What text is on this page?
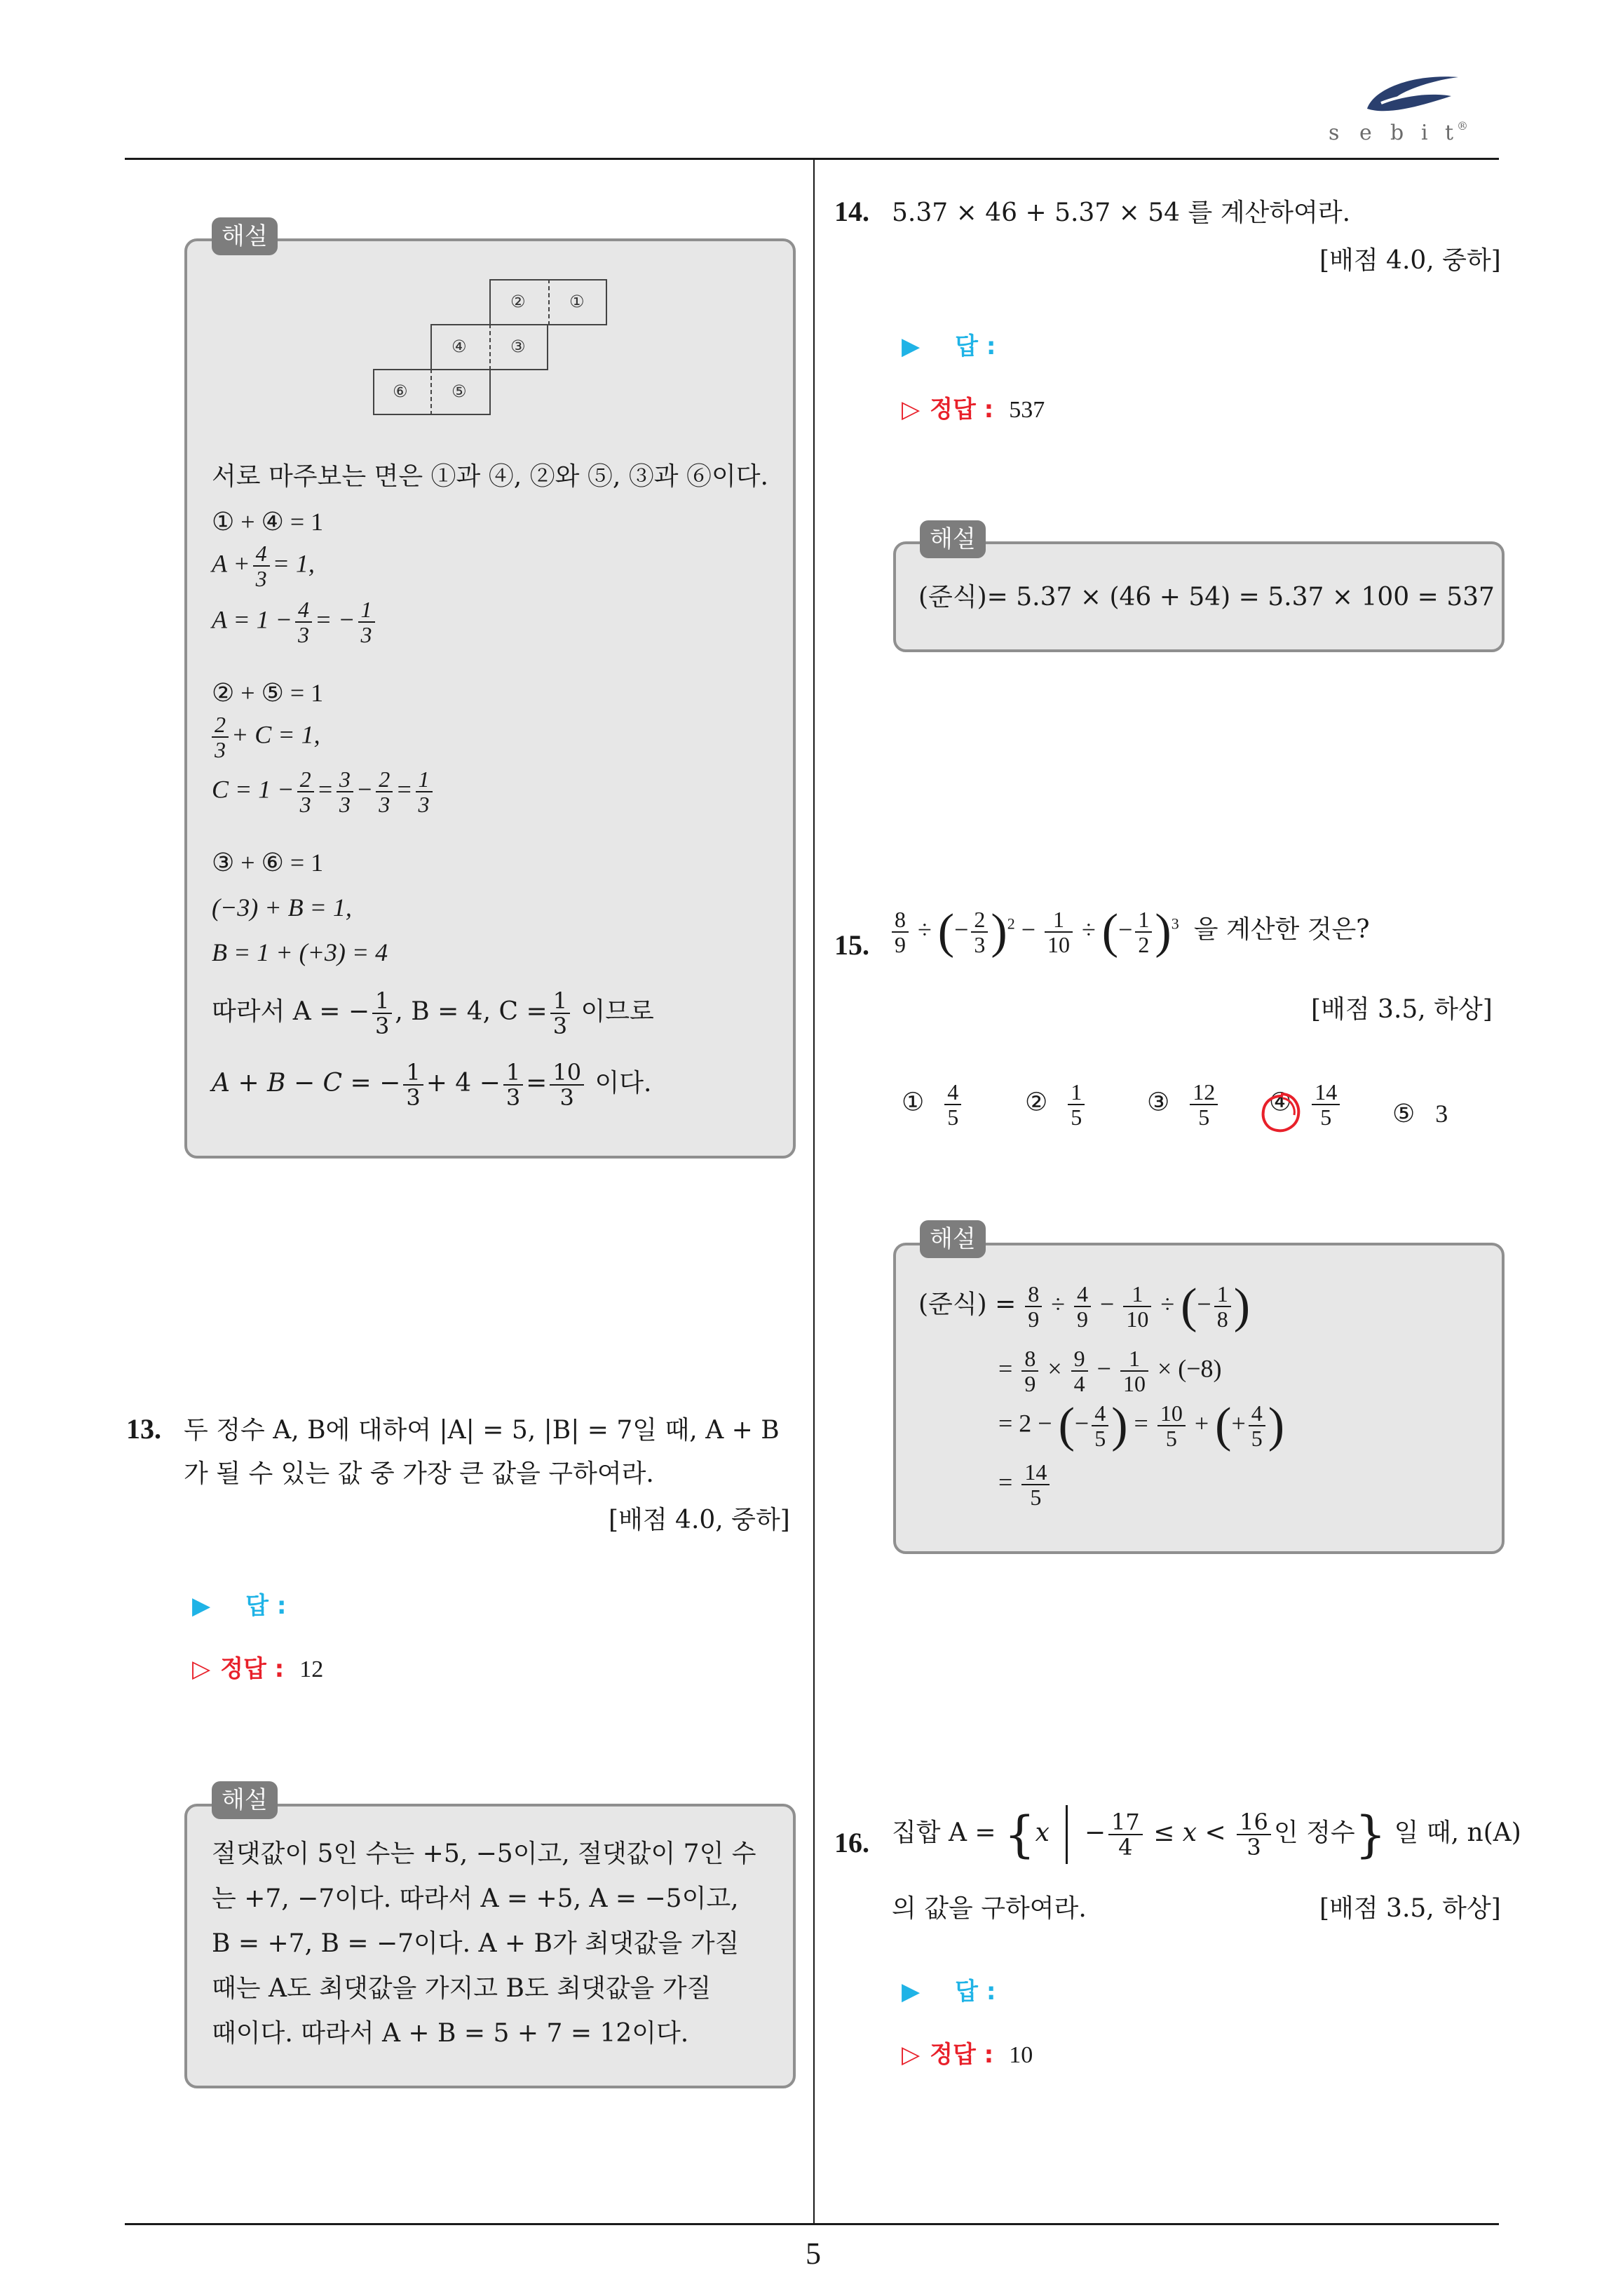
s e b i t ®
5
해설
②	①
④	③
⑥	⑤
서로 마주보는 면은 ①과 ④, ②와 ⑤, ③과 ⑥이다.
① + ④ = 1
$A + \frac{4}{3} = 1$,
$A = 1 - \frac{4}{3}$ = − $\frac{1}{3}$
② + ⑤ = 1
$\frac{2}{3} + C = 1$,
$C = 1 - \frac{2}{3} = \frac{3}{3} - \frac{2}{3} = \frac{1}{3}$
③ + ⑥ = 1
(−3) + B = 1,
B = 1 + (+3) = 4
따라서 A = − $\frac{1}{3}$ , B = 4, $C = \frac{1}{3}$ 이므로
A + B − C = − $\frac{1}{3} + 4 - \frac{1}{3} = \frac{10}{3}$ 이다.
13. 두 정수 A, B에 대하여 |A| = 5, |B| = 7일 때, A + B
가 될 수 있는 값 중 가장 큰 값을 구하여라.
[배점 4.0, 중하]
▶ 답 :
▷ 정답 : 12
해설
절댓값이 5인 수는 +5, −5이고, 절댓값이 7인 수
는 +7, −7이다. 따라서 A = +5, A = −5이고,
B = +7, B = −7이다. A + B가 최댓값을 가질
때는 A도 최댓값을 가지고 B도 최댓값을 가질
때이다. 따라서 A + B = 5 + 7 = 12이다.
14. 5.37 × 46 + 5.37 × 54 를 계산하여라.
[배점 4.0, 중하]
▶ 답 :
▷ 정답 : 537
해설
(준식)= 5.37 × (46 + 54) = 5.37 × 100 = 537
15. $\frac{8}{9}$ ÷ (− $\frac{2}{3} )^2 - \frac{1}{10}$ ÷ (− $\frac{1}{2} )^3$ 을 계산한 것은?
[배점 3.5, 하상]
① $\frac{4}{5}$	② $\frac{1}{5}$ ③ $\frac{12}{5}$ ④ $\frac{14}{5}$ ⑤ 3
해설
(준식) = $\frac{8}{9} \div \frac{4}{9} - \frac{1}{10}$ ÷ (− $\frac{1}{8}$ )
= $\frac{8}{9} \times \frac{9}{4} - \frac{1}{10} \times (-8)$
= 2 − (− $\frac{4}{5}$ ) = $\frac{10}{5}$ + (+ $\frac{4}{5}$ )
= $\frac{14}{5}$
16. 집합 $A = \{x - \frac{17}{4} \le x < \frac{16}{3}$ 인 정수} 일 때, n(A)
의 값을 구하여라.	[배점 3.5, 하상]
▶ 답 :
▷ 정답 : 10
